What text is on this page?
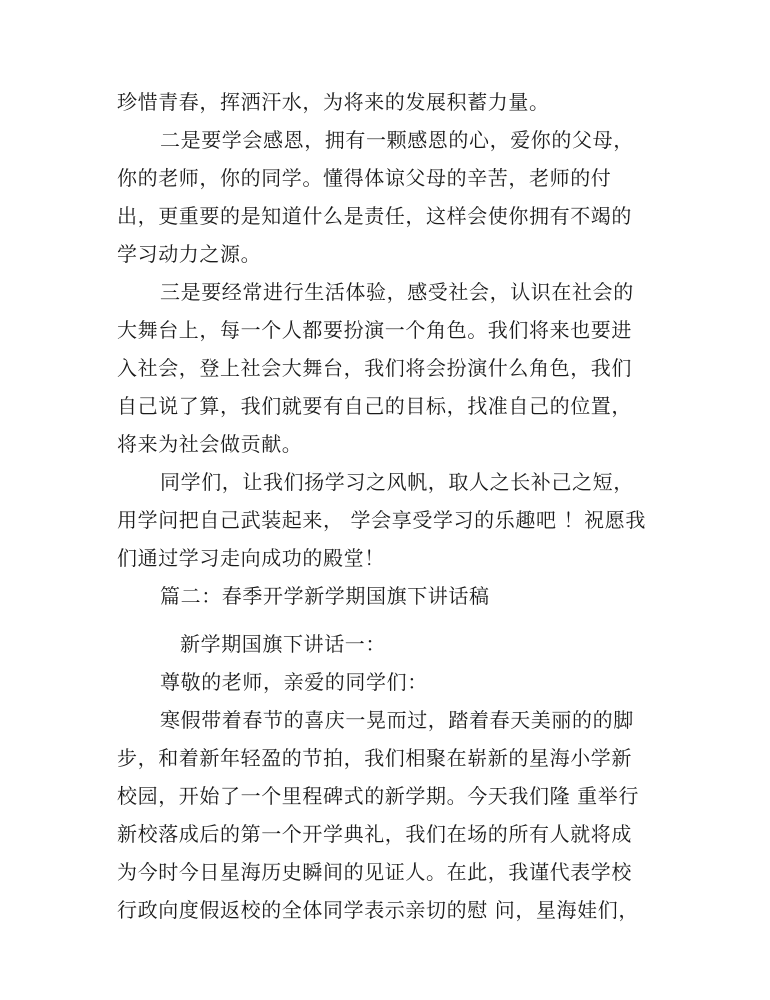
珍惜青春，挥洒汗水，为将来的发展积蓄力量。
二是要学会感恩，拥有一颗感恩的心，爱你的父母，
你的老师，你的同学。懂得体谅父母的辛苦，老师的付
出，更重要的是知道什么是责任，这样会使你拥有不竭的
学习动力之源。
三是要经常进行生活体验，感受社会，认识在社会的
大舞台上，每一个人都要扮演一个角色。我们将来也要进
入社会，登上社会大舞台，我们将会扮演什么角色，我们
自己说了算，我们就要有自己的目标，找准自己的位置，
将来为社会做贡献。
同学们，让我们扬学习之风帆，取人之长补己之短，
用学问把自己武装起来， 学会享受学习的乐趣吧 ！祝愿我
们通过学习走向成功的殿堂！
篇二：春季开学新学期国旗下讲话稿
新学期国旗下讲话一：
尊敬的老师，亲爱的同学们：
寒假带着春节的喜庆一晃而过，踏着春天美丽的的脚
步，和着新年轻盈的节拍，我们相聚在崭新的星海小学新
校园，开始了一个里程碑式的新学期。今天我们隆 重举行
新校落成后的第一个开学典礼，我们在场的所有人就将成
为今时今日星海历史瞬间的见证人。在此，我谨代表学校
行政向度假返校的全体同学表示亲切的慰 问，星海娃们，
